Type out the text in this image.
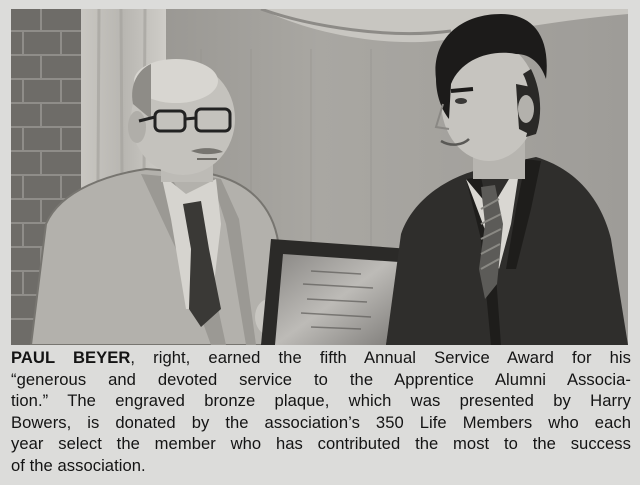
PAUL BEYER, right, earned the fifth Annual Service Award for his
“generous and devoted service to the Apprentice Alumni Associa-
tion.” The engraved bronze plaque, which was presented by Harry
Bowers, is donated by the association’s 350 Life Members who each
year select the member who has contributed the most to the success
of the association.
